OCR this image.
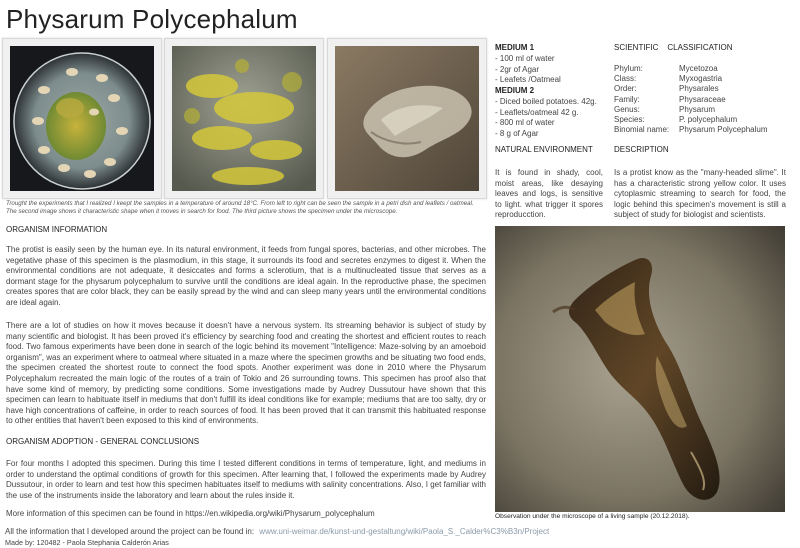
Physarum Polycephalum
Trought the experiments that I realized I keept the samples in a temperature of around 18°C. From left to right can be seen the sample in a petri dish and leaflets / oatmeal. The second image shows it characteristic shape when it moves in search for food. The third picture shows the specimen under the microscope.
MEDIUM 1
- 100 ml of water
- 2gr of Agar
- Leafets /Oatmeal
MEDIUM 2
- Diced boiled potatoes. 42g.
- Leaflets/oatmeal 42 g.
- 800 ml of water
- 8 g of Agar
SCIENTIFIC    CLASSIFICATION
Phylum:	Mycetozoa
Class:	Myxogastria
Order:	Physarales
Family:	Physaraceae
Genus:	Physarum
Species:	P. polycephalum
Binomial name:	Physarum Polycephalum
NATURAL ENVIRONMENT
It is found in shady, cool, moist areas, like desaying leaves and logs, is sensitive to light. what trigger it spores reproducction.
DESCRIPTION
Is a protist know as the "many-headed slime". It has a characteristic strong yellow color. It uses cytoplasmic streaming to search for food, the logic behind this specimen's movement is still a subject of study for biologist and scientists.
ORGANISM INFORMATION
The protist is easily seen by the human eye. In its natural environment, it feeds from fungal spores, bacterias, and other microbes. The vegetative phase of this specimen is the plasmodium, in this stage, it surrounds its food and secretes enzymes to digest it. When the environmental conditions are not adequate, it desiccates and forms a sclerotium, that is a multinucleated tissue that serves as a dormant stage for the physarum polycephalum to survive until the conditions are ideal again. In the reproductive phase, the specimen creates spores that are color black, they can be easily spread by the wind and can sleep many years until the environmental conditions are ideal again.
There are a lot of studies on how it moves because it doesn't have a nervous system. Its streaming behavior is subject of study by many scientific and biologist. It has been proved it's efficiency by searching food and creating the shortest and efficient routes to reach food. Two famous experiments have been done in search of the logic behind its movement "Intelligence: Maze-solving by an amoeboid organism", was an experiment where to oatmeal where situated in a maze where the specimen growths and be situating two food ends, the specimen created the shortest route to connect the food spots. Another experiment was done in 2010 where the Physarum Polycephalum recreated the main logic of the routes of a train of Tokio and 26 surrounding towns. This specimen has proof also that have some kind of memory, by predicting some conditions. Some investigations made by Audrey Dussutour have shown that this specimen can learn to habituate itself in mediums that don't fulfill its ideal conditions like for example; mediums that are too salty, dry or have high concentrations of caffeine, in order to reach sources of food. It has been proved that it can transmit this habituated response to other entities that haven't been exposed to this kind of environments.
ORGANISM ADOPTION - GENERAL CONCLUSIONS
For four months I adopted this specimen. During this time I tested different conditions in terms of temperature, light, and mediums in order to understand the optimal conditions of growth for this specimen. After learning that, I followed the experiments made by Audrey Dussutour, in order to learn and test how this specimen habituates itself to mediums with salinity concentrations. Also, I get familiar with the use of the instruments inside the laboratory and learn about the rules inside it.
More information of this specimen can be found in https://en.wikipedia.org/wiki/Physarum_polycephalum	Observation under the microscope of a living sample (20.12.2018).
All the information that I developed around the project can be found in: www.uni-weimar.de/kunst-und-gestaltung/wiki/Paola_S._Calder%C3%B3n/Project
Made by: 120482 - Paola Stephania Calderón Arias
